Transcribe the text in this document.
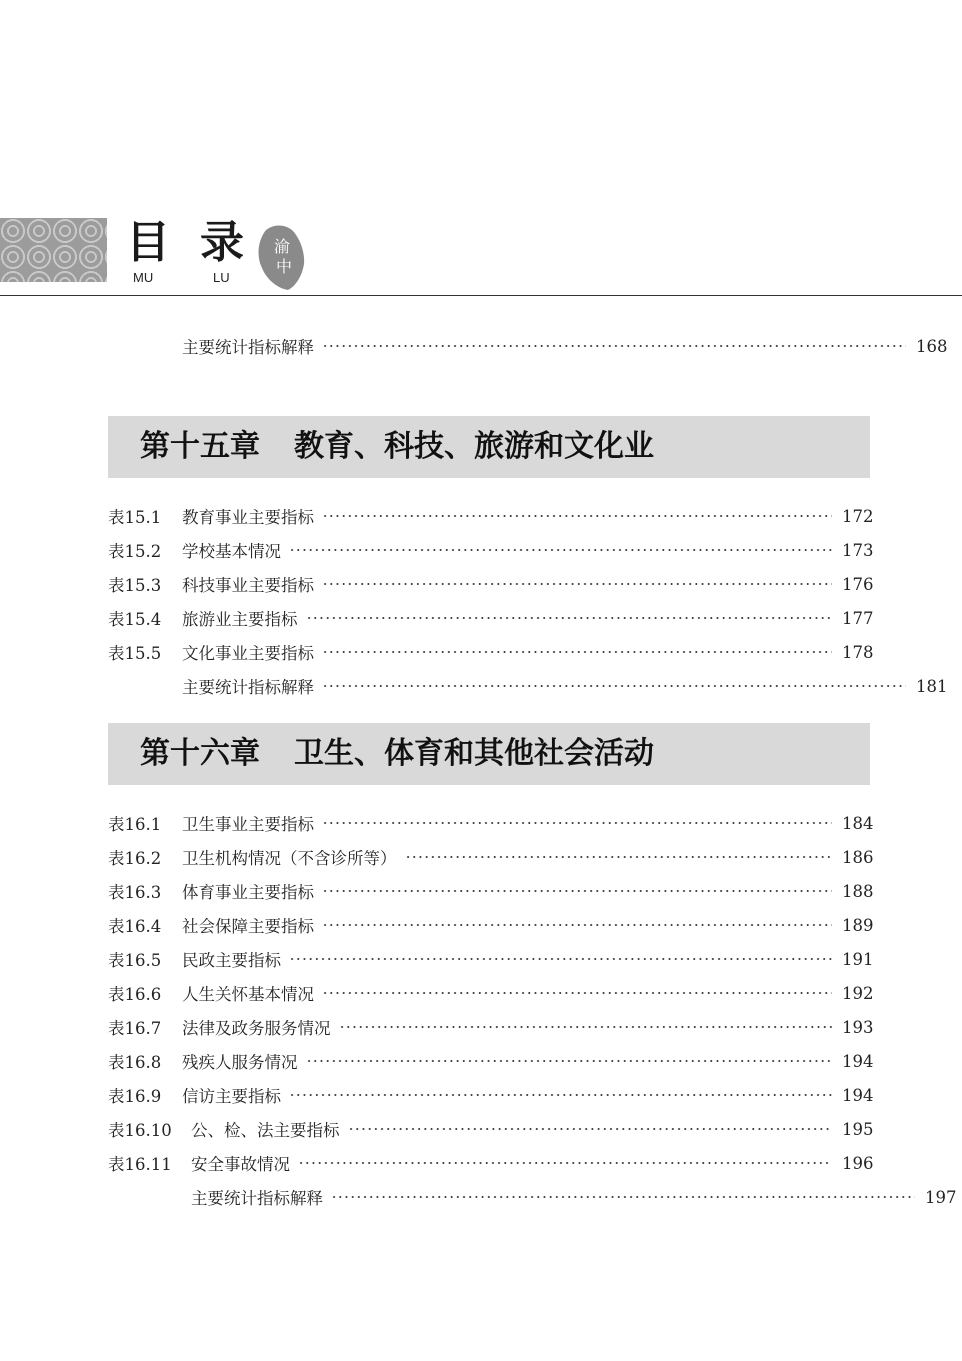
目 录
MU	LU
渝
中
主要统计指标解释	168
第十五章 教育、科技、旅游和文化业
表15.1	教育事业主要指标	172
表15.2	学校基本情况	173
表15.3	科技事业主要指标	176
表15.4	旅游业主要指标	177
表15.5	文化事业主要指标	178
主要统计指标解释	181
第十六章 卫生、体育和其他社会活动
表16.1	卫生事业主要指标	184
表16.2	卫生机构情况（不含诊所等）	186
表16.3	体育事业主要指标	188
表16.4	社会保障主要指标	189
表16.5	民政主要指标	191
表16.6	人生关怀基本情况	192
表16.7	法律及政务服务情况	193
表16.8	残疾人服务情况	194
表16.9	信访主要指标	194
表16.10	公、检、法主要指标	195
表16.11	安全事故情况	196
主要统计指标解释	197
